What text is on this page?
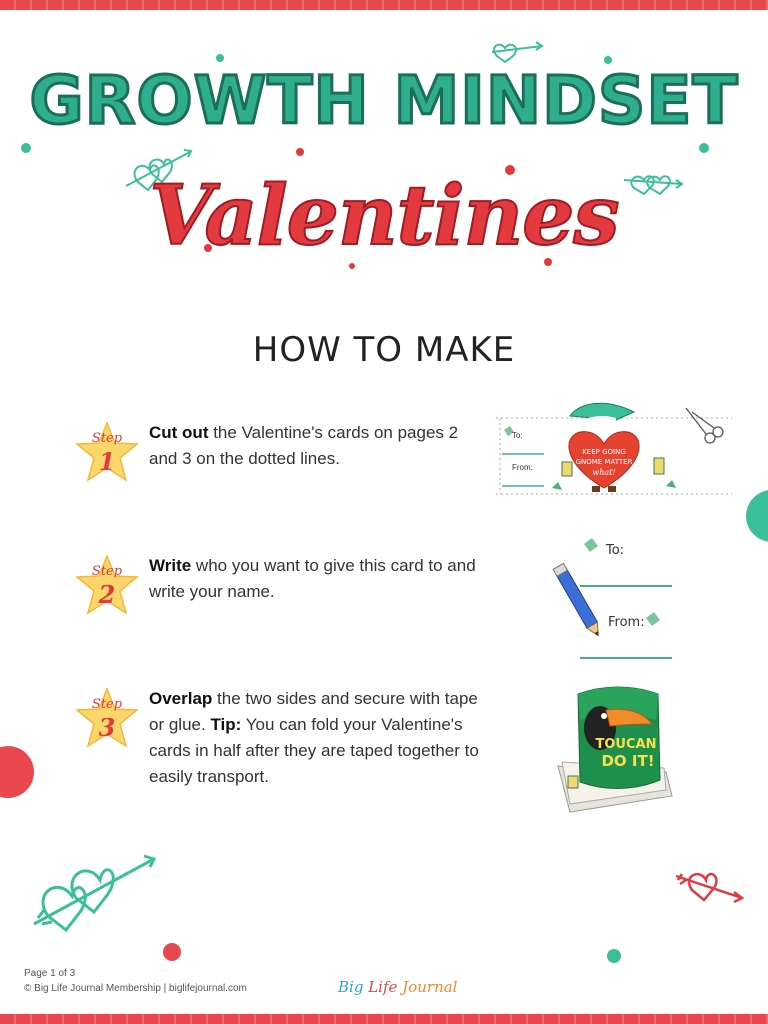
GROWTH MINDSET
Valentines
HOW TO MAKE
Step
1
Cut out the Valentine's cards on pages 2 and 3 on the dotted lines.
Step
2
Write who you want to give this card to and write your name.
Step
3
Overlap the two sides and secure with tape or glue. Tip: You can fold your Valentine's cards in half after they are taped together to easily transport.
To:
From:
KEEP GOING
GNOME MATTER
what!
To:
From:
TOUCAN
DO IT!
Page 1 of 3
© Big Life Journal Membership | biglifejournal.com	Big Life Journal
